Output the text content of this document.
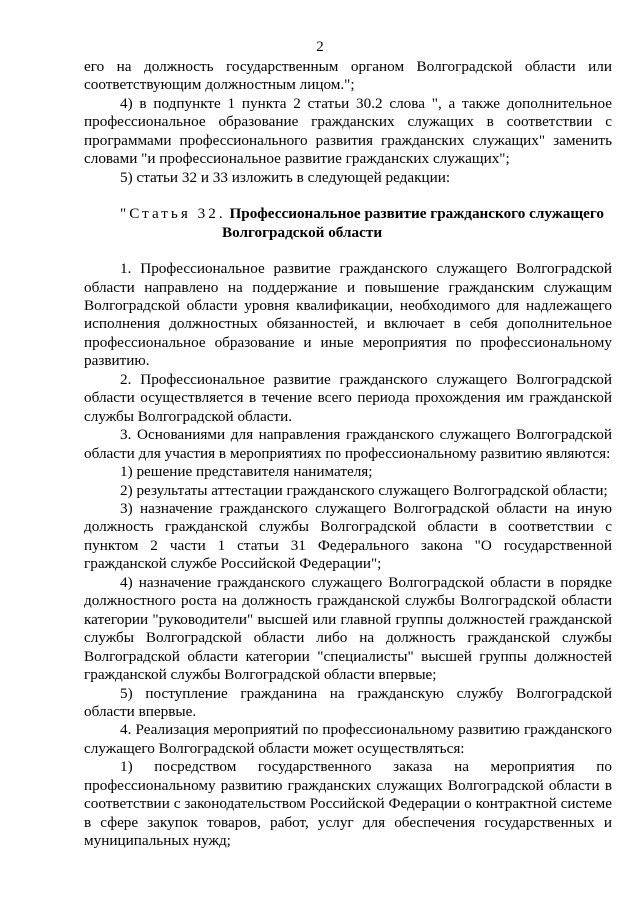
2

его на должность государственным органом Волгоградской области или соответствующим должностным лицом.";

4) в подпункте 1 пункта 2 статьи 30.2 слова ", а также дополнительное профессиональное образование гражданских служащих в соответствии с программами профессионального развития гражданских служащих" заменить словами "и профессиональное развитие гражданских служащих";

5) статьи 32 и 33 изложить в следующей редакции:

"Статья 32. Профессиональное развитие гражданского служащего
Волгоградской области

1. Профессиональное развитие гражданского служащего Волгоградской области направлено на поддержание и повышение гражданским служащим Волгоградской области уровня квалификации, необходимого для надлежащего исполнения должностных обязанностей, и включает в себя дополнительное профессиональное образование и иные мероприятия по профессиональному развитию.

2. Профессиональное развитие гражданского служащего Волгоградской области осуществляется в течение всего периода прохождения им гражданской службы Волгоградской области.

3. Основаниями для направления гражданского служащего Волгоградской области для участия в мероприятиях по профессиональному развитию являются:

1) решение представителя нанимателя;

2) результаты аттестации гражданского служащего Волгоградской области;

3) назначение гражданского служащего Волгоградской области на иную должность гражданской службы Волгоградской области в соответствии с пунктом 2 части 1 статьи 31 Федерального закона "О государственной гражданской службе Российской Федерации";

4) назначение гражданского служащего Волгоградской области в порядке должностного роста на должность гражданской службы Волгоградской области категории "руководители" высшей или главной группы должностей гражданской службы Волгоградской области либо на должность гражданской службы Волгоградской области категории "специалисты" высшей группы должностей гражданской службы Волгоградской области впервые;

5) поступление гражданина на гражданскую службу Волгоградской области впервые.

4. Реализация мероприятий по профессиональному развитию гражданского служащего Волгоградской области может осуществляться:

1) посредством государственного заказа на мероприятия по профессиональному развитию гражданских служащих Волгоградской области в соответствии с законодательством Российской Федерации о контрактной системе в сфере закупок товаров, работ, услуг для обеспечения государственных и муниципальных нужд;
